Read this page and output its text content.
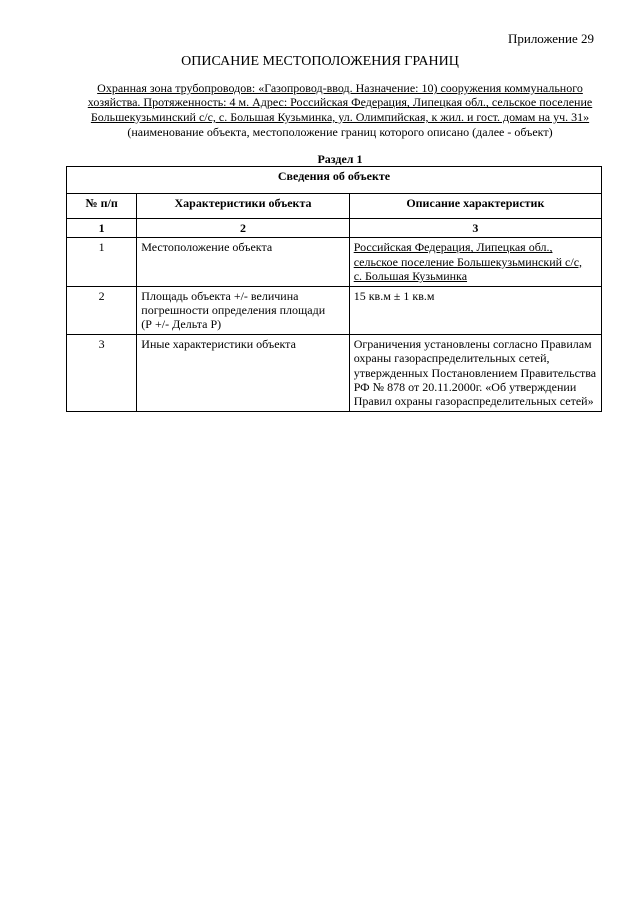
Приложение 29
ОПИСАНИЕ МЕСТОПОЛОЖЕНИЯ ГРАНИЦ
Охранная зона трубопроводов: «Газопровод-ввод. Назначение: 10) сооружения коммунального
хозяйства. Протяженность: 4 м. Адрес: Российская Федерация, Липецкая обл., сельское поселение
Большекузьминский с/с, с. Большая Кузьминка, ул. Олимпийская, к жил. и гост. домам на уч. 31»
(наименование объекта, местоположение границ которого описано (далее - объект)
Раздел 1
Сведения об объекте		
№ п/п	Характеристики объекта	Описание характеристик
1	2	3
1	Местоположение объекта	Российская Федерация, Липецкая обл.,
сельское поселение Большекузьминский с/с,
с. Большая Кузьминка

2	Площадь объекта +/- величина
погрешности определения площади
(Р +/- Дельта Р)	15 кв.м ± 1 кв.м
3	Иные характеристики объекта	Ограничения установлены согласно Правилам
охраны газораспределительных сетей,
утвержденных Постановлением Правительства
РФ № 878 от 20.11.2000г. «Об утверждении
Правил охраны газораспределительных сетей»
